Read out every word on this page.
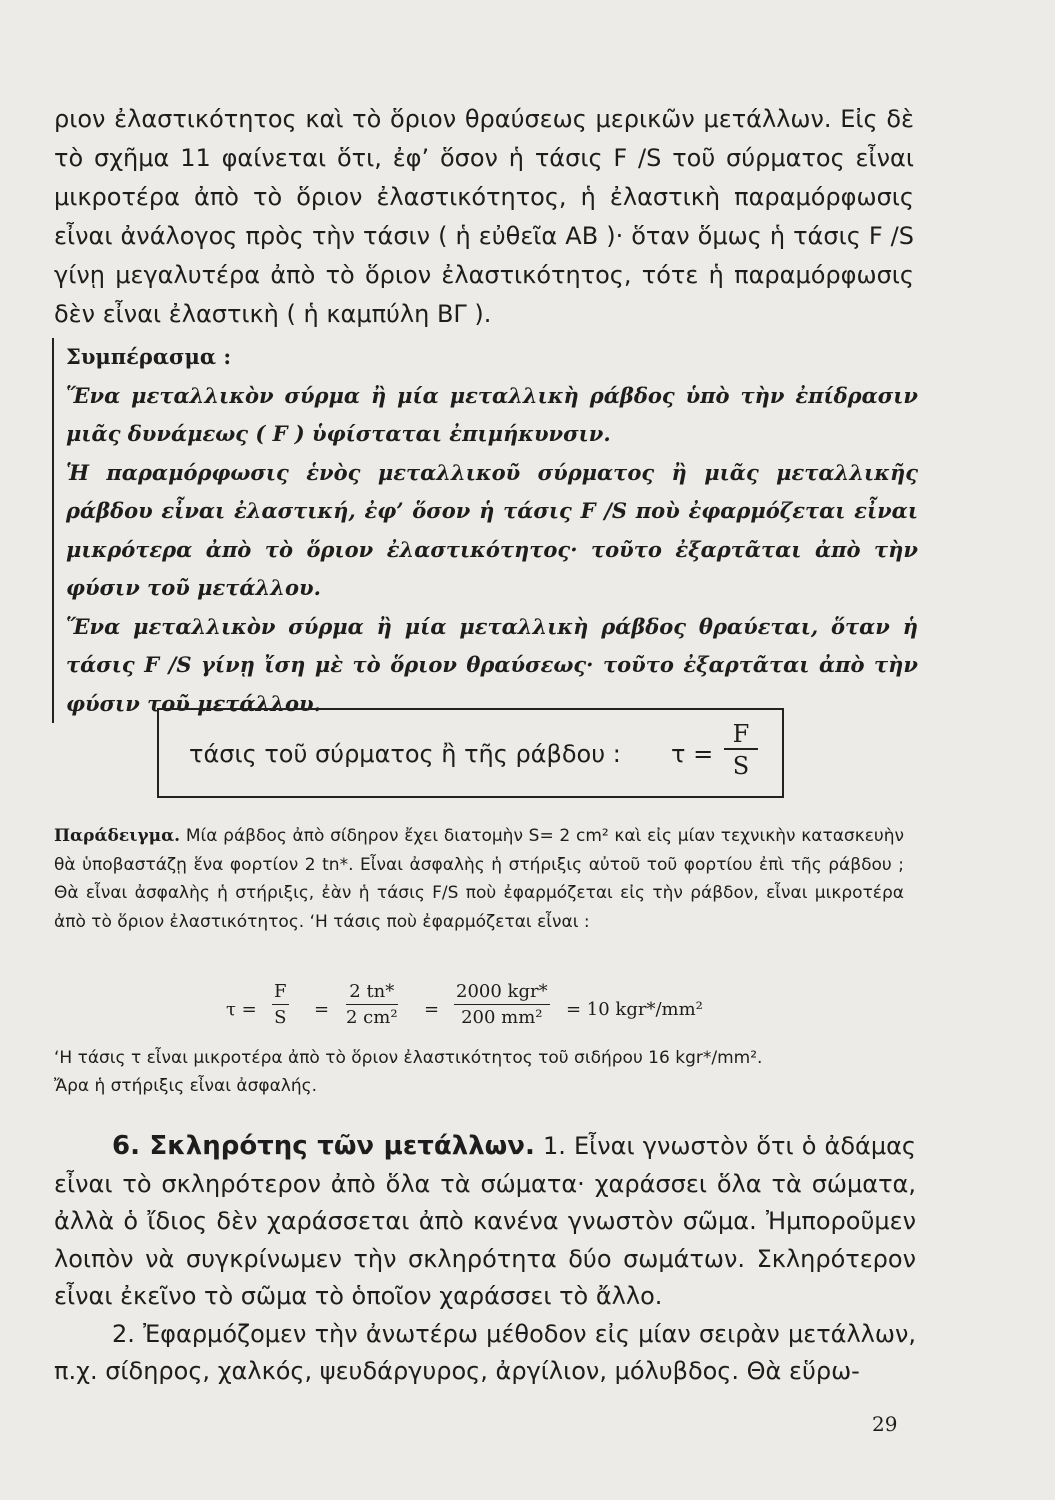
ριον ἐλαστικότητος καὶ τὸ ὅριον θραύσεως μερικῶν μετάλλων. Εἰς δὲ τὸ σχῆμα 11 φαίνεται ὅτι, ἐφ’ ὅσον ἡ τάσις F /S τοῦ σύρματος εἶναι μικροτέρα ἀπὸ τὸ ὅριον ἐλαστικότητος, ἡ ἐλαστικὴ παραμόρφωσις εἶναι ἀνάλογος πρὸς τὴν τάσιν ( ἡ εὐθεῖα ΑΒ )· ὅταν ὅμως ἡ τάσις F /S γίνῃ μεγαλυτέρα ἀπὸ τὸ ὅριον ἐλαστικότητος, τότε ἡ παραμόρφωσις δὲν εἶναι ἐλαστικὴ ( ἡ καμπύλη ΒΓ ).

Συμπέρασμα :

Ἕνα μεταλλικὸν σύρμα ἢ μία μεταλλικὴ ράβδος ὑπὸ τὴν ἐπίδρασιν μιᾶς δυνάμεως ( F ) ὑφίσταται ἐπιμήκυνσιν.

Ἡ παραμόρφωσις ἑνὸς μεταλλικοῦ σύρματος ἢ μιᾶς μεταλλικῆς ράβδου εἶναι ἐλαστική, ἐφ’ ὅσον ἡ τάσις F /S ποὺ ἐφαρμόζεται εἶναι μικρότερα ἀπὸ τὸ ὅριον ἐλαστικότητος· τοῦτο ἐξαρτᾶται ἀπὸ τὴν φύσιν τοῦ μετάλλου.

Ἕνα μεταλλικὸν σύρμα ἢ μία μεταλλικὴ ράβδος θραύεται, ὅταν ἡ τάσις F /S γίνῃ ἴση μὲ τὸ ὅριον θραύσεως· τοῦτο ἐξαρτᾶται ἀπὸ τὴν φύσιν τοῦ μετάλλου.

τάσις τοῦ σύρματος ἢ τῆς ράβδου : $\tau = \frac{F}{S}$

Παράδειγμα. Μία ράβδος ἀπὸ σίδηρον ἔχει διατομὴν S= 2 cm² καὶ εἰς μίαν τεχνικὴν κατασκευὴν θὰ ὑποβαστάζῃ ἕνα φορτίον 2 tn*. Εἶναι ἀσφαλὴς ἡ στήριξις αὐτοῦ τοῦ φορτίου ἐπὶ τῆς ράβδου ; Θὰ εἶναι ἀσφαλὴς ἡ στήριξις, ἐὰν ἡ τάσις F/S ποὺ ἐφαρμόζεται εἰς τὴν ράβδον, εἶναι μικροτέρα ἀπὸ τὸ ὅριον ἐλαστικότητος. ‘Η τάσις ποὺ ἐφαρμόζεται εἶναι :

$\tau = \frac{F}{S} = \frac{2 tn*}{\text{2 cm²}}$ =
2000 kgr*
200 mm²	= 10 kgr*/mm²

‘Η τάσις τ εἶναι μικροτέρα ἀπὸ τὸ ὅριον ἐλαστικότητος τοῦ σιδήρου 16 kgr*/mm².

Ἄρα ἡ στήριξις εἶναι ἀσφαλής.

6. Σκληρότης τῶν μετάλλων. 1. Εἶναι γνωστὸν ὅτι ὁ ἀδάμας εἶναι τὸ σκληρότερον ἀπὸ ὅλα τὰ σώματα· χαράσσει ὅλα τὰ σώματα, ἀλλὰ ὁ ἴδιος δὲν χαράσσεται ἀπὸ κανένα γνωστὸν σῶμα. Ἠμποροῦμεν λοιπὸν νὰ συγκρίνωμεν τὴν σκληρότητα δύο σωμάτων. Σκληρότερον εἶναι ἐκεῖνο τὸ σῶμα τὸ ὁποῖον χαράσσει τὸ ἄλλο.

2. Ἐφαρμόζομεν τὴν ἀνωτέρω μέθοδον εἰς μίαν σειρὰν μετάλλων, π.χ. σίδηρος, χαλκός, ψευδάργυρος, ἀργίλιον, μόλυβδος. Θὰ εὕρω-

29
